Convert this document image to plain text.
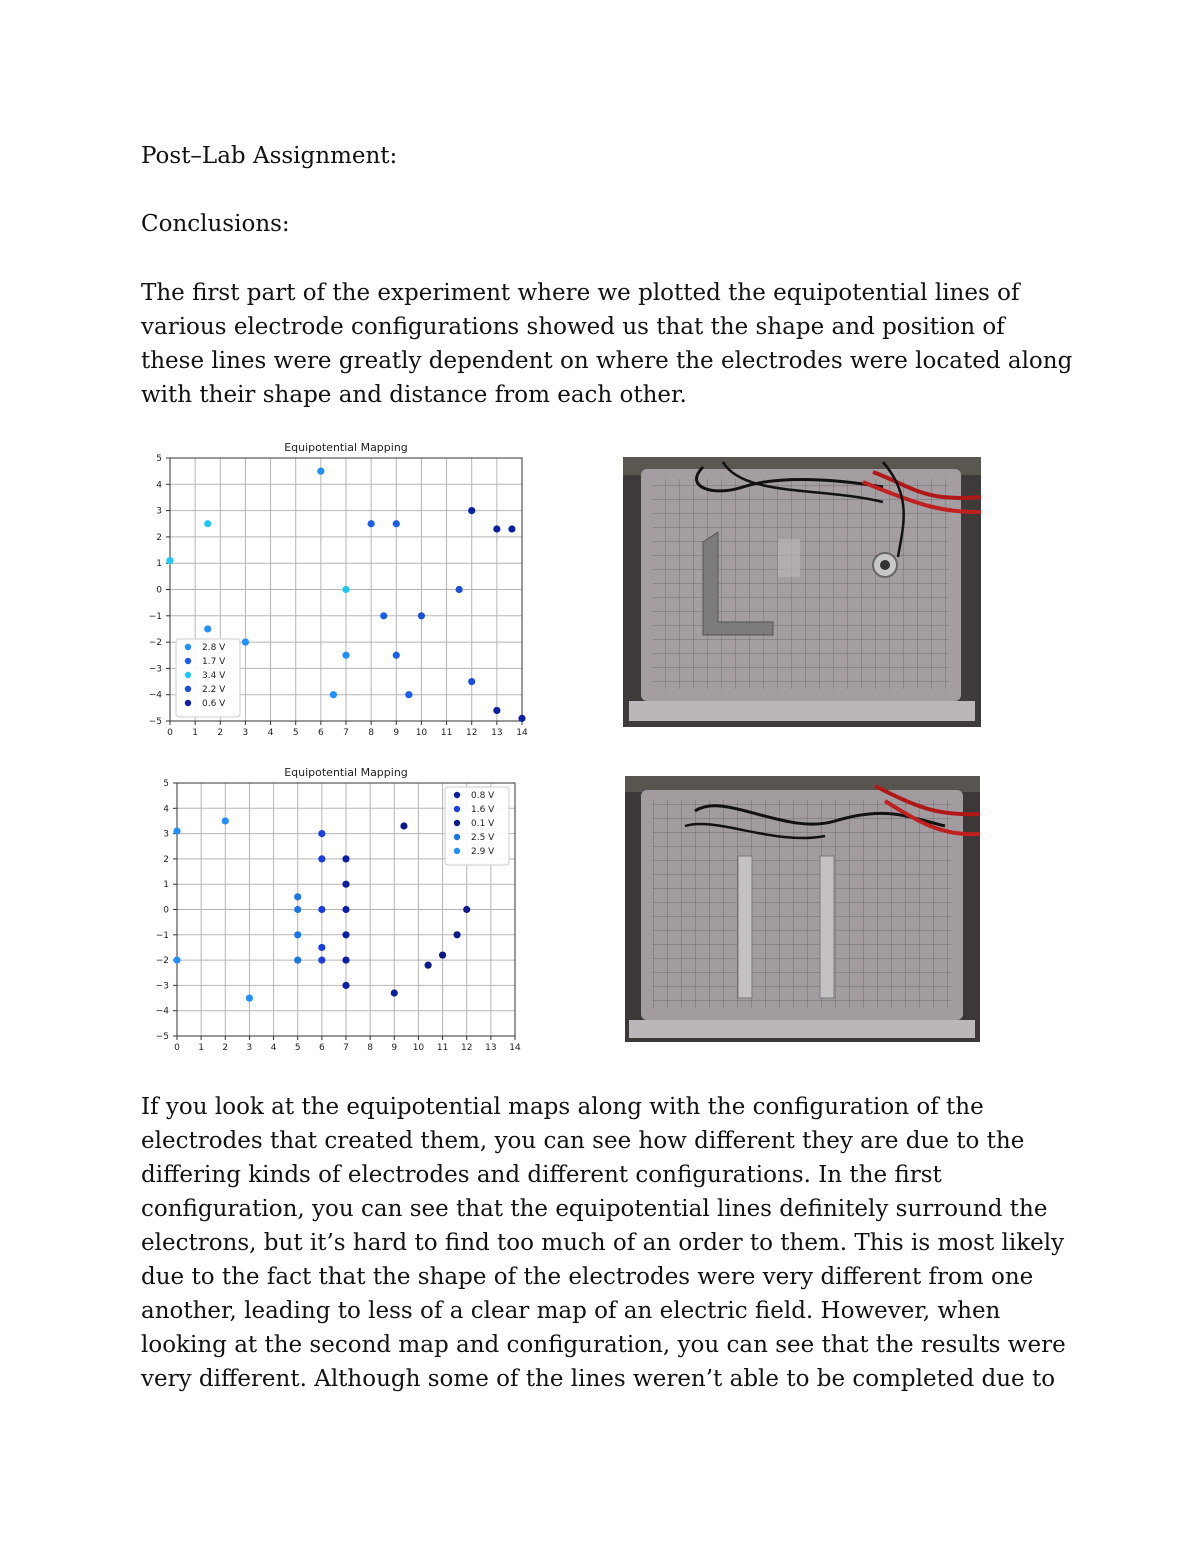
Post–Lab Assignment:

Conclusions:

The first part of the experiment where we plotted the equipotential lines of
various electrode configurations showed us that the shape and position of
these lines were greatly dependent on where the electrodes were located along
with their shape and distance from each other.
Equipotential Mapping
0 1 2 3 4 5 6 7 8 9 10 11 12 13 14
5
4
3
2
1
0
−1
−2
−3
−4
−5
2.8 V
1.7 V
3.4 V
2.2 V
0.6 V
Equipotential Mapping
0 1 2 3 4 5 6 7 8 9 10 11 12 13 14
5
4
3
2
1
0
−1
−2
−3
−4
−5
0.8 V
1.6 V
0.1 V
2.5 V
2.9 V
If you look at the equipotential maps along with the configuration of the
electrodes that created them, you can see how different they are due to the
differing kinds of electrodes and different configurations. In the first
configuration, you can see that the equipotential lines definitely surround the
electrons, but it’s hard to find too much of an order to them. This is most likely
due to the fact that the shape of the electrodes were very different from one
another, leading to less of a clear map of an electric field. However, when
looking at the second map and configuration, you can see that the results were
very different. Although some of the lines weren’t able to be completed due to
